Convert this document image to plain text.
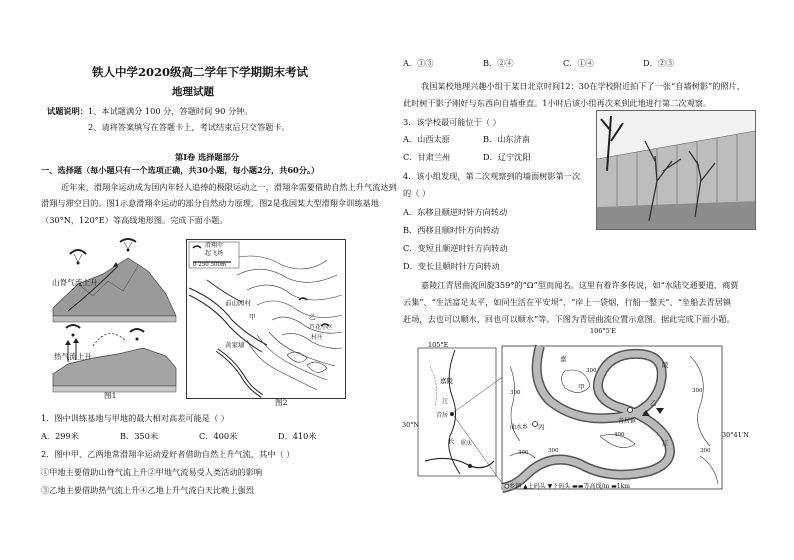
铁人中学2020级高二学年下学期期末考试
地理试题
试题说明： 1、本试题满分 100 分，答题时间 90 分钟。
2、请将答案填写在答题卡上，考试结束后只交答题卡。
第Ⅰ卷 选择题部分
一、选择题（每小题只有一个选项正确，共30小题，每小题2分，共60分。）
近年来，滑翔伞运动成为国内年轻人追捧的极限运动之一，滑翔伞需要借助自然上升气流达到
滑翔与滞空目的。图1示意滑翔伞运动的部分自然动力原理，图2是我国某大型滑翔伞训练基地
（30°N，120°E）等高线地形图。完成下面小题。
山脊气流上升
热气流上升
图1
滑翔伞
起飞场
0 250 500m
前山园村
甲
黄家埭
乙
芦花小区
村庄
图2
1．图中训练基地与甲地的最大相对高差可能是（ ）
A．299米	B．350米	C．400米	D．410米
2．图中甲、乙两地常滑翔伞运动爱好者借助自然上升气流，其中（ ）
①甲地主要借助山脊气流上升②甲地气流易受人类活动的影响
③乙地主要借助热气流上升④乙地上升气流白天比晚上强烈
A．①③	B．②④	C．①④	D．②③
我国某校地理兴趣小组于某日北京时间12：30在学校附近拍下了一张“自墙树影”的照片，
此时树干影子刚好与东西向自墙垂直。1小时后该小组再次来到此地进行第二次观察。
3．该学校最可能位于（ ）
A．山西太原	B．山东济南
C．甘肃兰州	D．辽宁沈阳
4．该小组发现，第二次观察到的墙面树影第一次
的（ ）
A．东移且顺逆时针方向转动
B．西移且顺时针方向转动
C．变短且顺逆时针方向转动
D．变长且顺时针方向转动
嘉陵江青居曲流回旋359°的“Ω”型而闻名。这里有着许多传说，如“水陆交通要道，商贾
云集”、“生活富足太平，如同生活在平安坝”、“岸上一袋烟，行船一整天”、“坐船去青居镇
赶场，去也可以顺水，回也可以顺水”等。下图为青居曲流位置示意图。据此完成下面小题。
105°E
106°5′E
30°N
30°41′N
嘉陵
江
青居
长 重庆
青居镇
曲水乡 丙
甲
乙
嘉
陵
江
300
300
300
300
400
300	300
○乡镇 ▲上码头 ▼下码头 ▬▬等高线/m ▬1km
